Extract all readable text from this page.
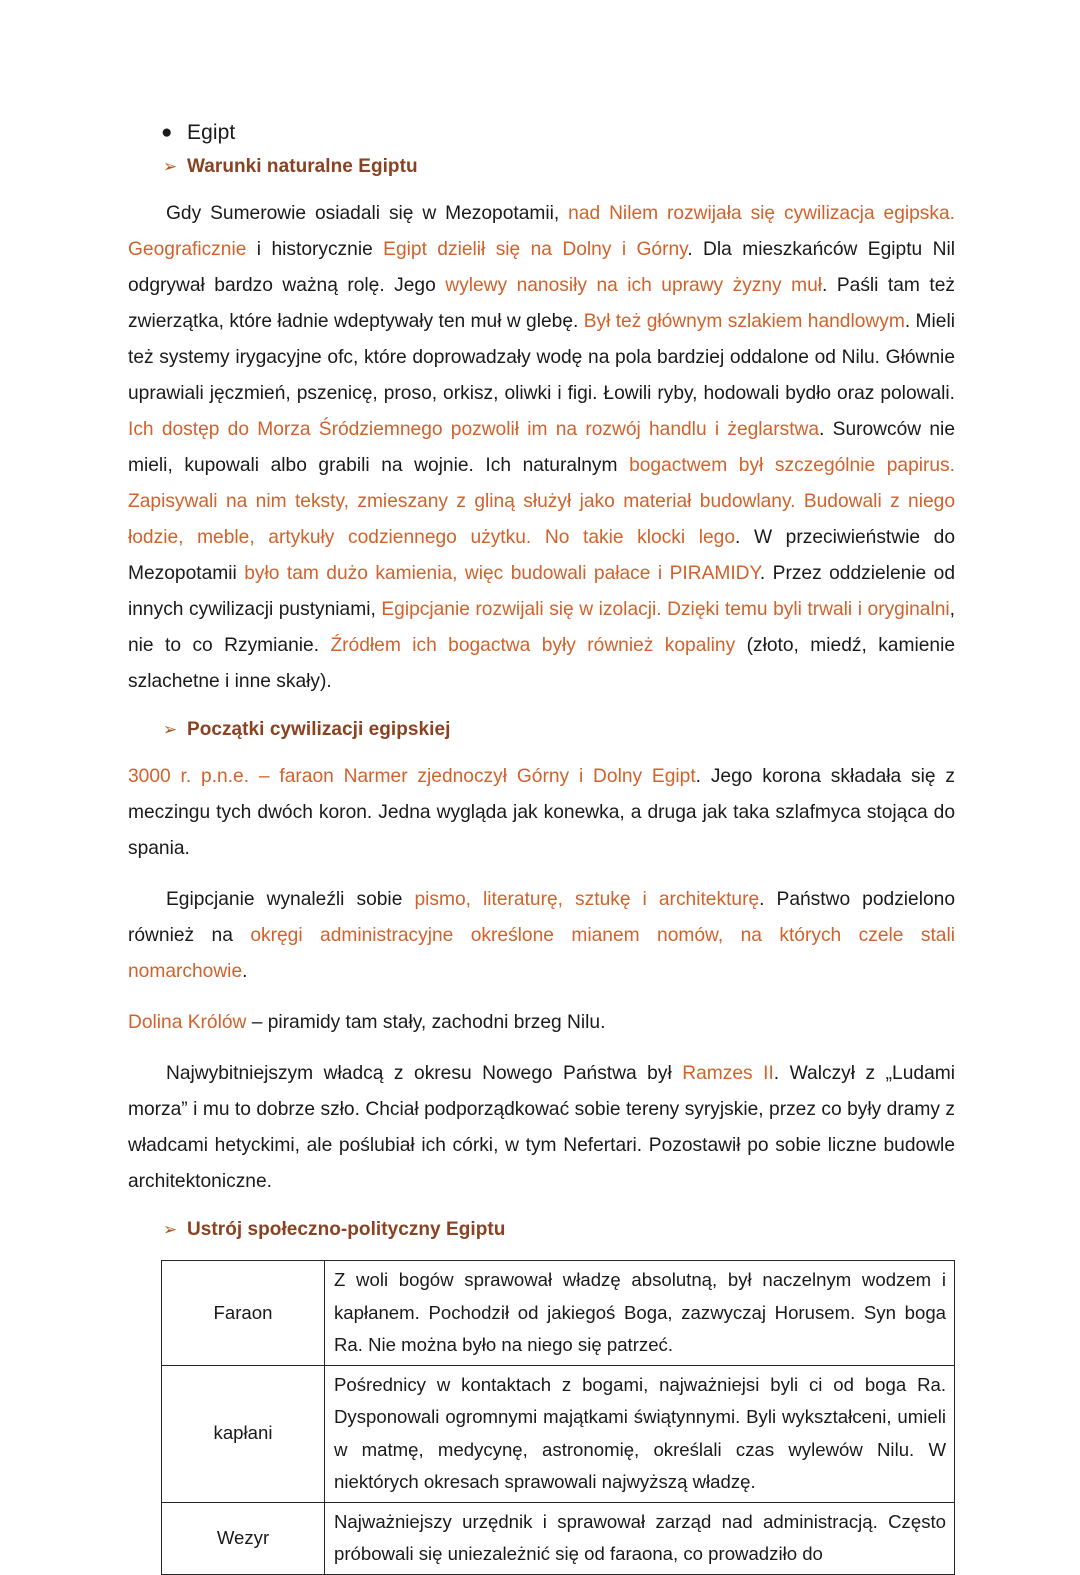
● Egipt
➢ Warunki naturalne Egiptu

Gdy Sumerowie osiadali się w Mezopotamii, nad Nilem rozwijała się cywilizacja egipska. Geograficznie i historycznie Egipt dzielił się na Dolny i Górny. Dla mieszkańców Egiptu Nil odgrywał bardzo ważną rolę. Jego wylewy nanosiły na ich uprawy żyzny muł. Paśli tam też zwierzątka, które ładnie wdeptywały ten muł w glebę. Był też głównym szlakiem handlowym. Mieli też systemy irygacyjne ofc, które doprowadzały wodę na pola bardziej oddalone od Nilu. Głównie uprawiali jęczmień, pszenicę, proso, orkisz, oliwki i figi. Łowili ryby, hodowali bydło oraz polowali. Ich dostęp do Morza Śródziemnego pozwolił im na rozwój handlu i żeglarstwa. Surowców nie mieli, kupowali albo grabili na wojnie. Ich naturalnym bogactwem był szczególnie papirus. Zapisywali na nim teksty, zmieszany z gliną służył jako materiał budowlany. Budowali z niego łodzie, meble, artykuły codziennego użytku. No takie klocki lego. W przeciwieństwie do Mezopotamii było tam dużo kamienia, więc budowali pałace i PIRAMIDY. Przez oddzielenie od innych cywilizacji pustyniami, Egipcjanie rozwijali się w izolacji. Dzięki temu byli trwali i oryginalni, nie to co Rzymianie. Źródłem ich bogactwa były również kopaliny (złoto, miedź, kamienie szlachetne i inne skały).

➢ Początki cywilizacji egipskiej

3000 r. p.n.e. – faraon Narmer zjednoczył Górny i Dolny Egipt. Jego korona składała się z meczingu tych dwóch koron. Jedna wygląda jak konewka, a druga jak taka szlafmyca stojąca do spania.

Egipcjanie wynaleźli sobie pismo, literaturę, sztukę i architekturę. Państwo podzielono również na okręgi administracyjne określone mianem nomów, na których czele stali nomarchowie.

Dolina Królów – piramidy tam stały, zachodni brzeg Nilu.

Najwybitniejszym władcą z okresu Nowego Państwa był Ramzes II. Walczył z „Ludami morza” i mu to dobrze szło. Chciał podporządkować sobie tereny syryjskie, przez co były dramy z władcami hetyckimi, ale poślubiał ich córki, w tym Nefertari. Pozostawił po sobie liczne budowle architektoniczne.

➢ Ustrój społeczno-polityczny Egiptu
Faraon	Z woli bogów sprawował władzę absolutną, był naczelnym wodzem i kapłanem. Pochodził od jakiegoś Boga, zazwyczaj Horusem. Syn boga Ra. Nie można było na niego się patrzeć.
kapłani	Pośrednicy w kontaktach z bogami, najważniejsi byli ci od boga Ra. Dysponowali ogromnymi majątkami świątynnymi. Byli wykształceni, umieli w matmę, medycynę, astronomię, określali czas wylewów Nilu. W niektórych okresach sprawowali najwyższą władzę.
Wezyr	Najważniejszy urzędnik i sprawował zarząd nad administracją. Często próbowali się uniezależnić się od faraona, co prowadziło do
